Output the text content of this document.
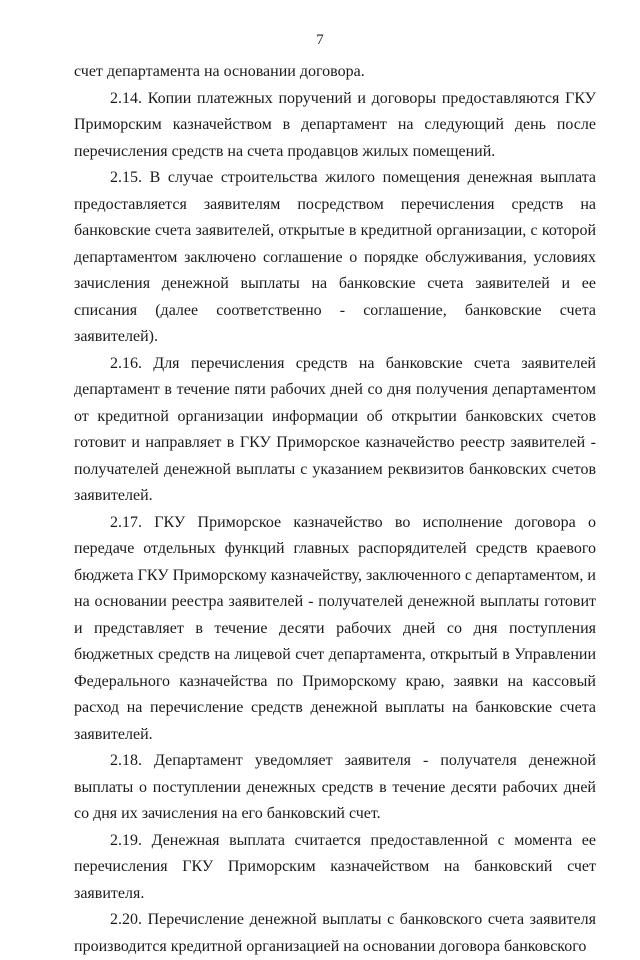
7

счет департамента на основании договора.

2.14. Копии платежных поручений и договоры предоставляются ГКУ Приморским казначейством в департамент на следующий день после перечисления средств на счета продавцов жилых помещений.

2.15. В случае строительства жилого помещения денежная выплата предоставляется заявителям посредством перечисления средств на банковские счета заявителей, открытые в кредитной организации, с которой департаментом заключено соглашение о порядке обслуживания, условиях зачисления денежной выплаты на банковские счета заявителей и ее списания (далее соответственно - соглашение, банковские счета заявителей).

2.16. Для перечисления средств на банковские счета заявителей департамент в течение пяти рабочих дней со дня получения департаментом от кредитной организации информации об открытии банковских счетов готовит и направляет в ГКУ Приморское казначейство реестр заявителей - получателей денежной выплаты с указанием реквизитов банковских счетов заявителей.

2.17. ГКУ Приморское казначейство во исполнение договора о передаче отдельных функций главных распорядителей средств краевого бюджета ГКУ Приморскому казначейству, заключенного с департаментом, и на основании реестра заявителей - получателей денежной выплаты готовит и представляет в течение десяти рабочих дней со дня поступления бюджетных средств на лицевой счет департамента, открытый в Управлении Федерального казначейства по Приморскому краю, заявки на кассовый расход на перечисление средств денежной выплаты на банковские счета заявителей.

2.18. Департамент уведомляет заявителя - получателя денежной выплаты о поступлении денежных средств в течение десяти рабочих дней со дня их зачисления на его банковский счет.

2.19. Денежная выплата считается предоставленной с момента ее перечисления ГКУ Приморским казначейством на банковский счет заявителя.

2.20. Перечисление денежной выплаты с банковского счета заявителя производится кредитной организацией на основании договора банковского
